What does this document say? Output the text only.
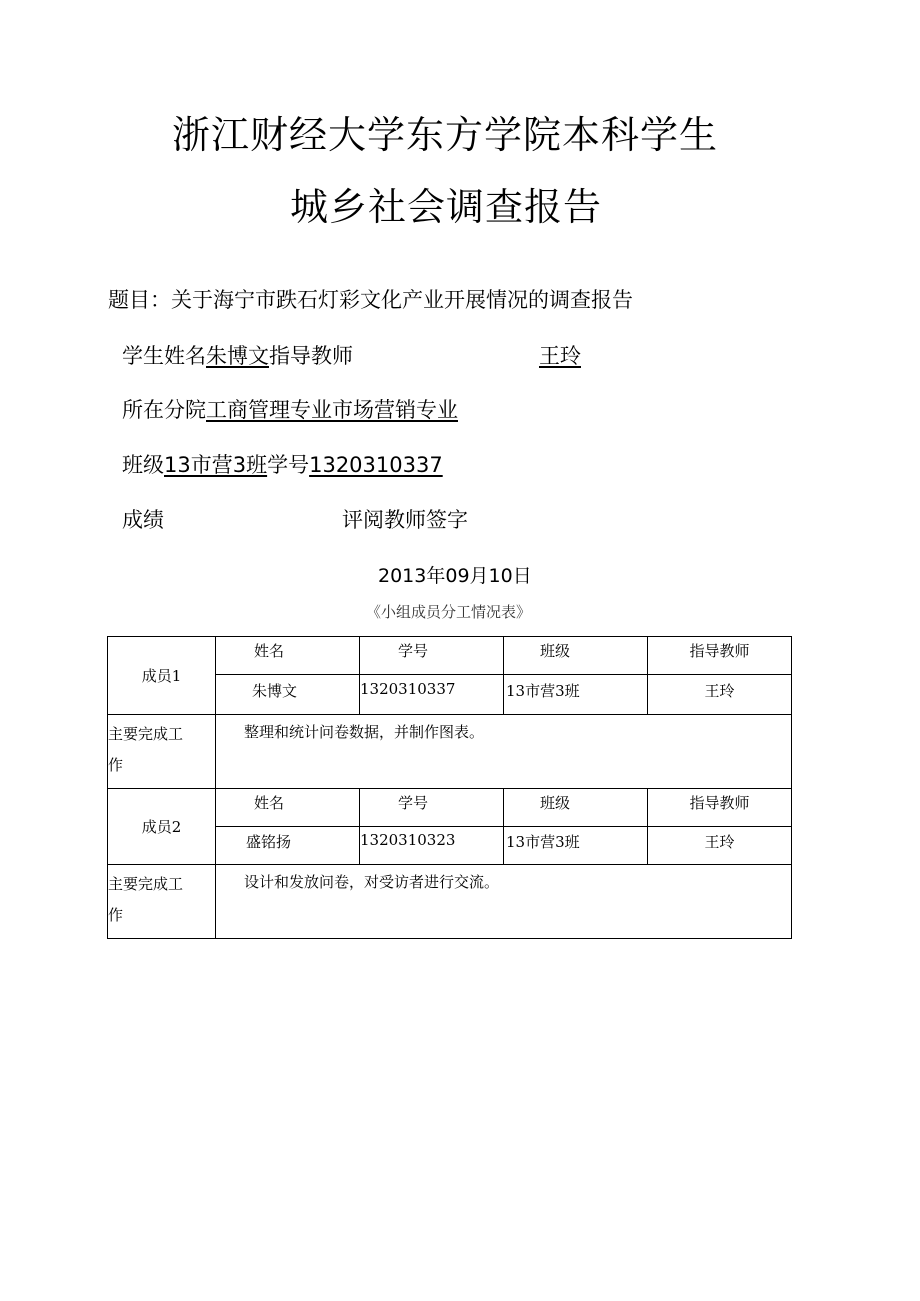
浙江财经大学东方学院本科学生
城乡社会调查报告
题目：关于海宁市跌石灯彩文化产业开展情况的调查报告
学生姓名朱博文指导教师	王玲
所在分院工商管理专业市场营销专业
班级13市营3班学号1320310337
成绩	评阅教师签字
2013年09月10日
《小组成员分工情况表》
成员1	姓名	学号	班级	指导教师
	朱博文	1320310337	13市营3班	王玲
主要完成工
作	整理和统计问卷数据，并制作图表。			
成员2	姓名	学号	班级	指导教师
	盛铭扬	1320310323	13市营3班	王玲
主要完成工
作	设计和发放问卷，对受访者进行交流。			
